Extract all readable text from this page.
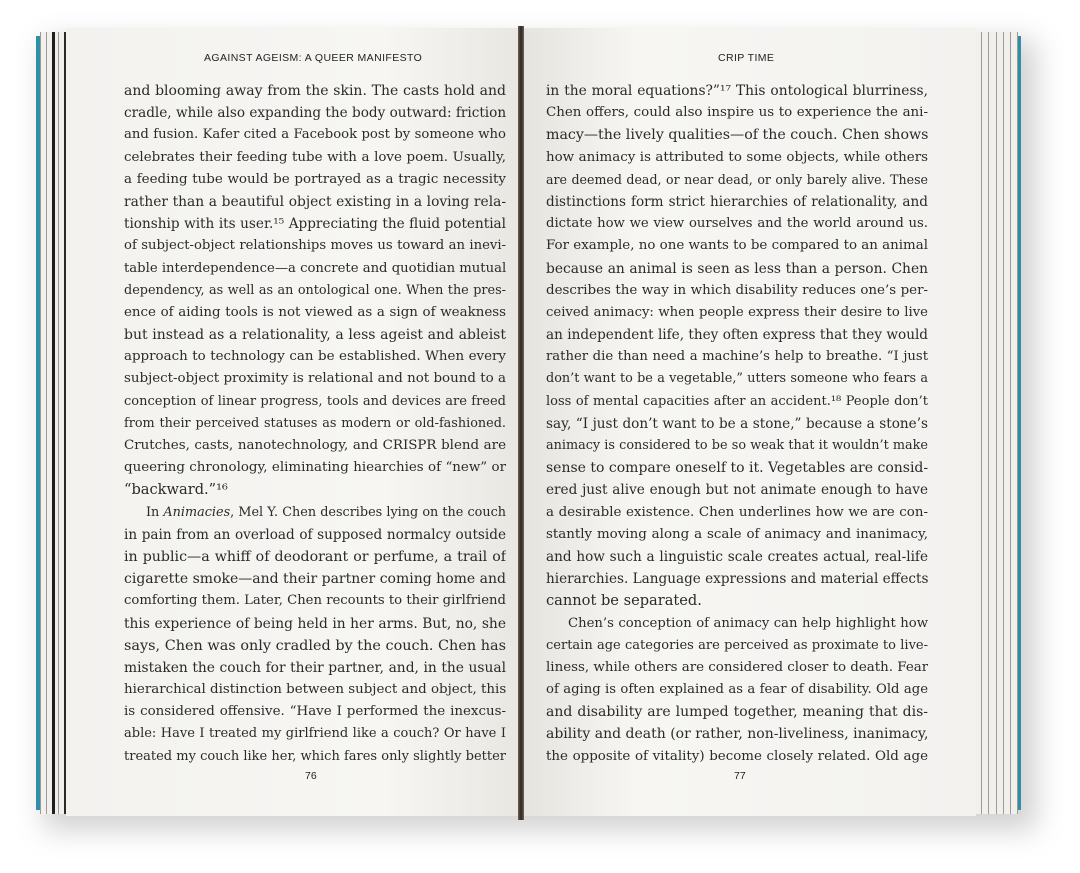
AGAINST AGEISM: A QUEER MANIFESTO	CRIP TIME
and blooming away from the skin. The casts hold and
cradle, while also expanding the body outward: friction
and fusion. Kafer cited a Facebook post by someone who
celebrates their feeding tube with a love poem. Usually,
a feeding tube would be portrayed as a tragic necessity
rather than a beautiful object existing in a loving rela-
tionship with its user.¹⁵ Appreciating the fluid potential
of subject-object relationships moves us toward an inevi-
table interdependence—a concrete and quotidian mutual
dependency, as well as an ontological one. When the pres-
ence of aiding tools is not viewed as a sign of weakness
but instead as a relationality, a less ageist and ableist
approach to technology can be established. When every
subject-object proximity is relational and not bound to a
conception of linear progress, tools and devices are freed
from their perceived statuses as modern or old-fashioned.
Crutches, casts, nanotechnology, and CRISPR blend are
queering chronology, eliminating hiearchies of “new” or
“backward.”¹⁶
In Animacies, Mel Y. Chen describes lying on the couch
in pain from an overload of supposed normalcy outside
in public—a whiff of deodorant or perfume, a trail of
cigarette smoke—and their partner coming home and
comforting them. Later, Chen recounts to their girlfriend
this experience of being held in her arms. But, no, she
says, Chen was only cradled by the couch. Chen has
mistaken the couch for their partner, and, in the usual
hierarchical distinction between subject and object, this
is considered offensive. “Have I performed the inexcus-
able: Have I treated my girlfriend like a couch? Or have I
treated my couch like her, which fares only slightly better
in the moral equations?”¹⁷ This ontological blurriness,
Chen offers, could also inspire us to experience the ani-
macy—the lively qualities—of the couch. Chen shows
how animacy is attributed to some objects, while others
are deemed dead, or near dead, or only barely alive. These
distinctions form strict hierarchies of relationality, and
dictate how we view ourselves and the world around us.
For example, no one wants to be compared to an animal
because an animal is seen as less than a person. Chen
describes the way in which disability reduces one’s per-
ceived animacy: when people express their desire to live
an independent life, they often express that they would
rather die than need a machine’s help to breathe. “I just
don’t want to be a vegetable,” utters someone who fears a
loss of mental capacities after an accident.¹⁸ People don’t
say, “I just don’t want to be a stone,” because a stone’s
animacy is considered to be so weak that it wouldn’t make
sense to compare oneself to it. Vegetables are consid-
ered just alive enough but not animate enough to have
a desirable existence. Chen underlines how we are con-
stantly moving along a scale of animacy and inanimacy,
and how such a linguistic scale creates actual, real-life
hierarchies. Language expressions and material effects
cannot be separated.
Chen’s conception of animacy can help highlight how
certain age categories are perceived as proximate to live-
liness, while others are considered closer to death. Fear
of aging is often explained as a fear of disability. Old age
and disability are lumped together, meaning that dis-
ability and death (or rather, non-liveliness, inanimacy,
the opposite of vitality) become closely related. Old age
76	77
